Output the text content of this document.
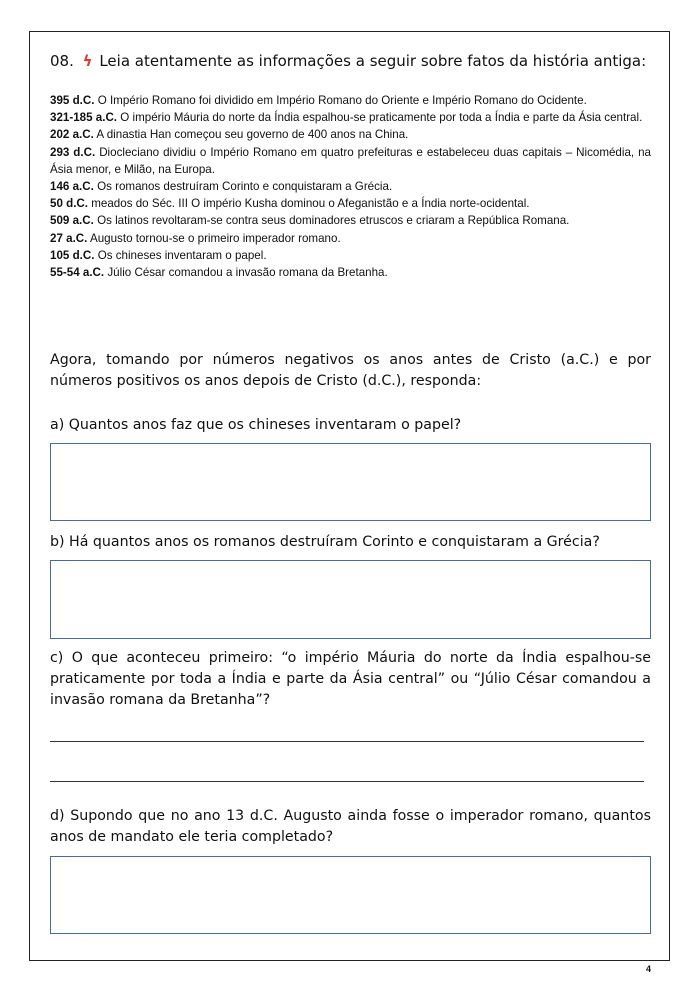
08. ϟ Leia atentamente as informações a seguir sobre fatos da história antiga:

395 d.C. O Império Romano foi dividido em Império Romano do Oriente e Império Romano do Ocidente.

321-185 a.C. O império Máuria do norte da Índia espalhou-se praticamente por toda a Índia e parte da Ásia central.

202 a.C. A dinastia Han começou seu governo de 400 anos na China.

293 d.C. Diocleciano dividiu o Império Romano em quatro prefeituras e estabeleceu duas capitais – Nicomédia, na Ásia menor, e Milão, na Europa.

146 a.C. Os romanos destruíram Corinto e conquistaram a Grécia.

50 d.C. meados do Séc. III O império Kusha dominou o Afeganistão e a Índia norte-ocidental.

509 a.C. Os latinos revoltaram-se contra seus dominadores etruscos e criaram a República Romana.

27 a.C. Augusto tornou-se o primeiro imperador romano.

105 d.C. Os chineses inventaram o papel.

55-54 a.C. Júlio César comandou a invasão romana da Bretanha.

Agora, tomando por números negativos os anos antes de Cristo (a.C.) e por números positivos os anos depois de Cristo (d.C.), responda:
a) Quantos anos faz que os chineses inventaram o papel?
b) Há quantos anos os romanos destruíram Corinto e conquistaram a Grécia?
c) O que aconteceu primeiro: “o império Máuria do norte da Índia espalhou-se praticamente por toda a Índia e parte da Ásia central” ou “Júlio César comandou a invasão romana da Bretanha”?
d) Supondo que no ano 13 d.C. Augusto ainda fosse o imperador romano, quantos anos de mandato ele teria completado?
4
